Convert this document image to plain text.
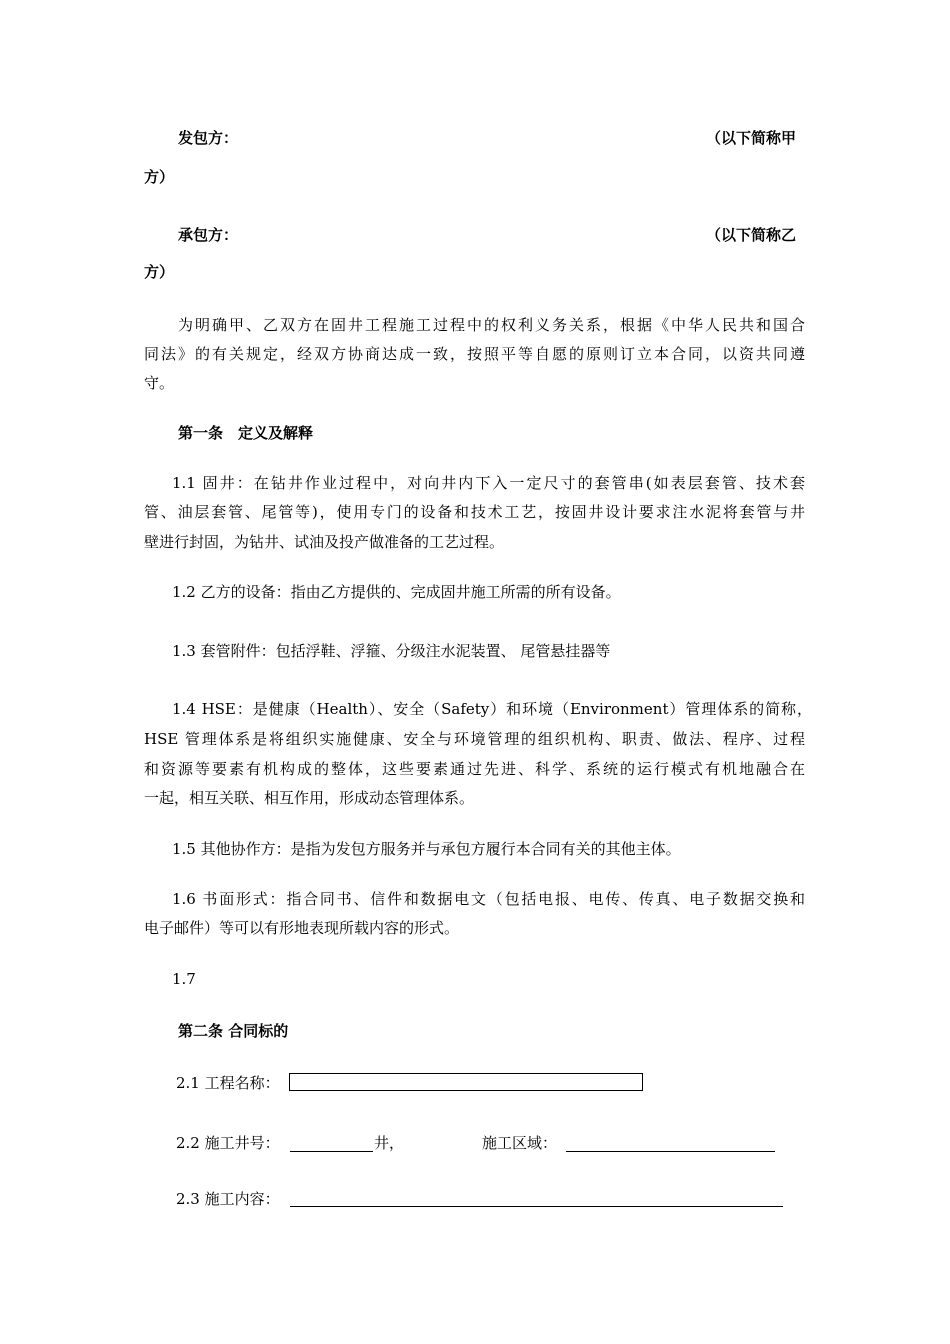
发包方：	（以下简称甲
方）
承包方：	（以下简称乙
方）
为明确甲、乙双方在固井工程施工过程中的权利义务关系，根据《中华人民共和国合
同法》的有关规定，经双方协商达成一致，按照平等自愿的原则订立本合同，以资共同遵
守。
第一条　定义及解释
1.1 固井：在钻井作业过程中，对向井内下入一定尺寸的套管串(如表层套管、技术套
管、油层套管、尾管等)，使用专门的设备和技术工艺，按固井设计要求注水泥将套管与井
壁进行封固，为钻井、试油及投产做准备的工艺过程。
1.2 乙方的设备：指由乙方提供的、完成固井施工所需的所有设备。
1.3 套管附件：包括浮鞋、浮箍、分级注水泥装置、 尾管悬挂器等
1.4 HSE：是健康（Health）、安全（Safety）和环境（Environment）管理体系的简称，
HSE 管理体系是将组织实施健康、安全与环境管理的组织机构、职责、做法、程序、过程
和资源等要素有机构成的整体，这些要素通过先进、科学、系统的运行模式有机地融合在
一起，相互关联、相互作用，形成动态管理体系。
1.5 其他协作方：是指为发包方服务并与承包方履行本合同有关的其他主体。
1.6 书面形式：指合同书、信件和数据电文（包括电报、电传、传真、电子数据交换和
电子邮件）等可以有形地表现所载内容的形式。
1.7
第二条 合同标的
2.1 工程名称：
2.2 施工井号：	井，	施工区域：
2.3 施工内容：
